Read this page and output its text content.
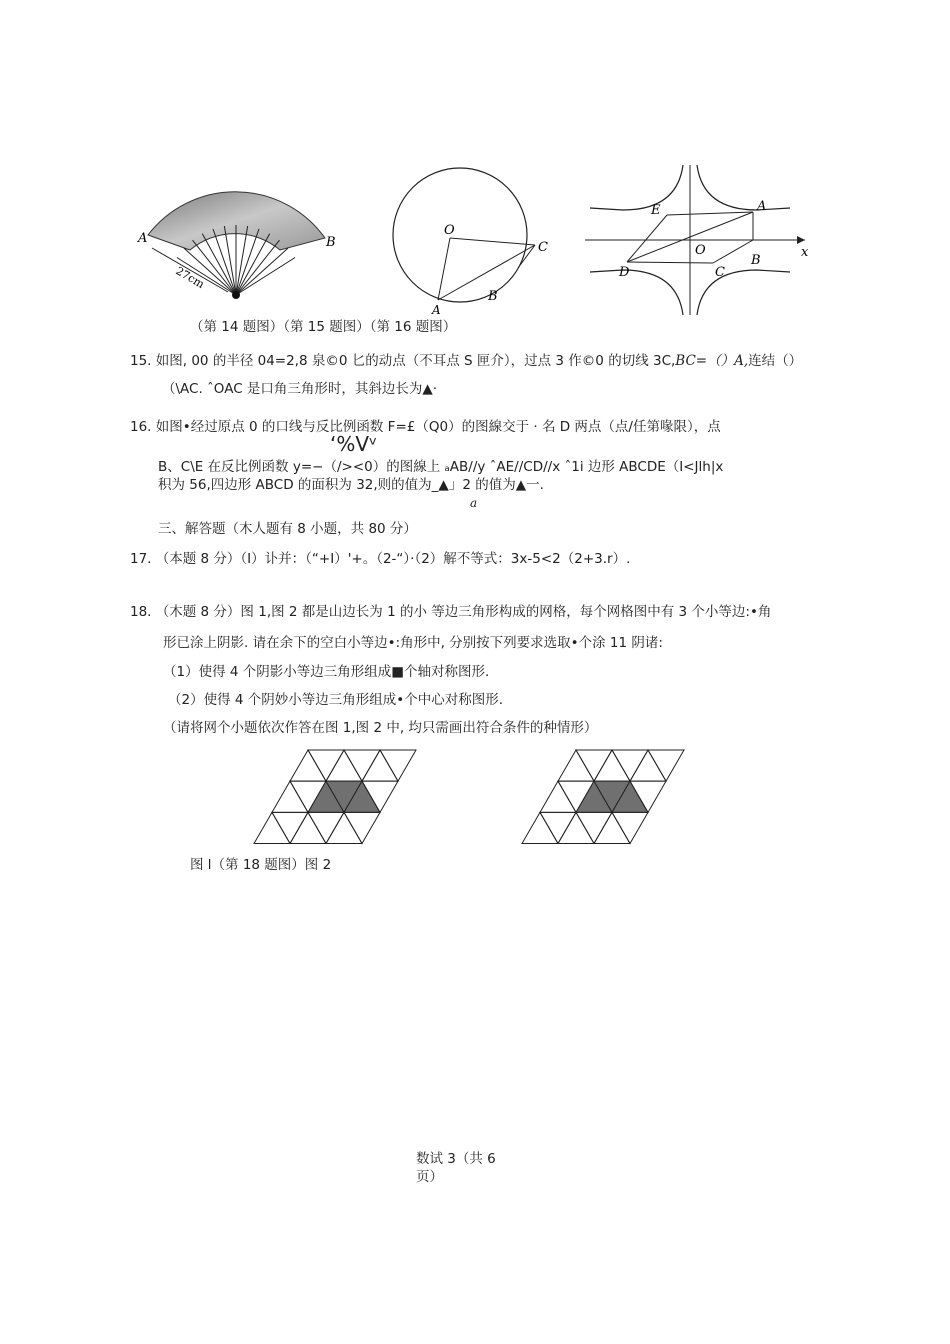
A	B
27cm
O
C
A
B
E	A
O	x
D	C
B
（第 14 题图）（第 15 题图）（第 16 题图）
15. 如图, 00 的半径 04=2,8 泉©0 匕的动点（不耳点 S 匣介），过点 3 作©0 的切线 3C,BC=（）A,连结（）
（\AC. ˆOAC 是口角三角形时，其斜边长为▲·
16. 如图•经过原点 0 的口线与反比例函数 F=£（Q0）的图線交于 · 名 D 两点（点/任第喙限），点
‘%Vᵛ
B、C\E 在反比例函数 y=−（/><0）的图線上 ₐAB//y ˆAE//CD//x ˆ1i 边形 ABCDE（I<Jlh|x
积为 56,四边形 ABCD 的面积为 32,则的值为_▲」2 的值为▲一.
a
三、解答题（木人题有 8 小题，共 80 分）
17. （本题 8 分）（I）讣并：（“+I）'+。（2-“）·（2）解不等式：3x-5<2（2+3.r）.
18. （木题 8 分）图 1,图 2 都是山边长为 1 的小 等边三角形构成的网格，每个网格图中有 3 个小等边:•角
形已涂上阴影. 请在余下的空白小等边•:角形中, 分别按下列要求选取•个涂 11 阴诸:
（1）使得 4 个阴影小等边三角形组成■个轴对称图形.
（2）使得 4 个阴妙小等边三角形组成•个中心对称图形.
（请将网个小题依次作答在图 1,图 2 中, 均只需画出符合条件的种情形）
图 l（第 18 题图）图 2
数试 3（共 6
页）
